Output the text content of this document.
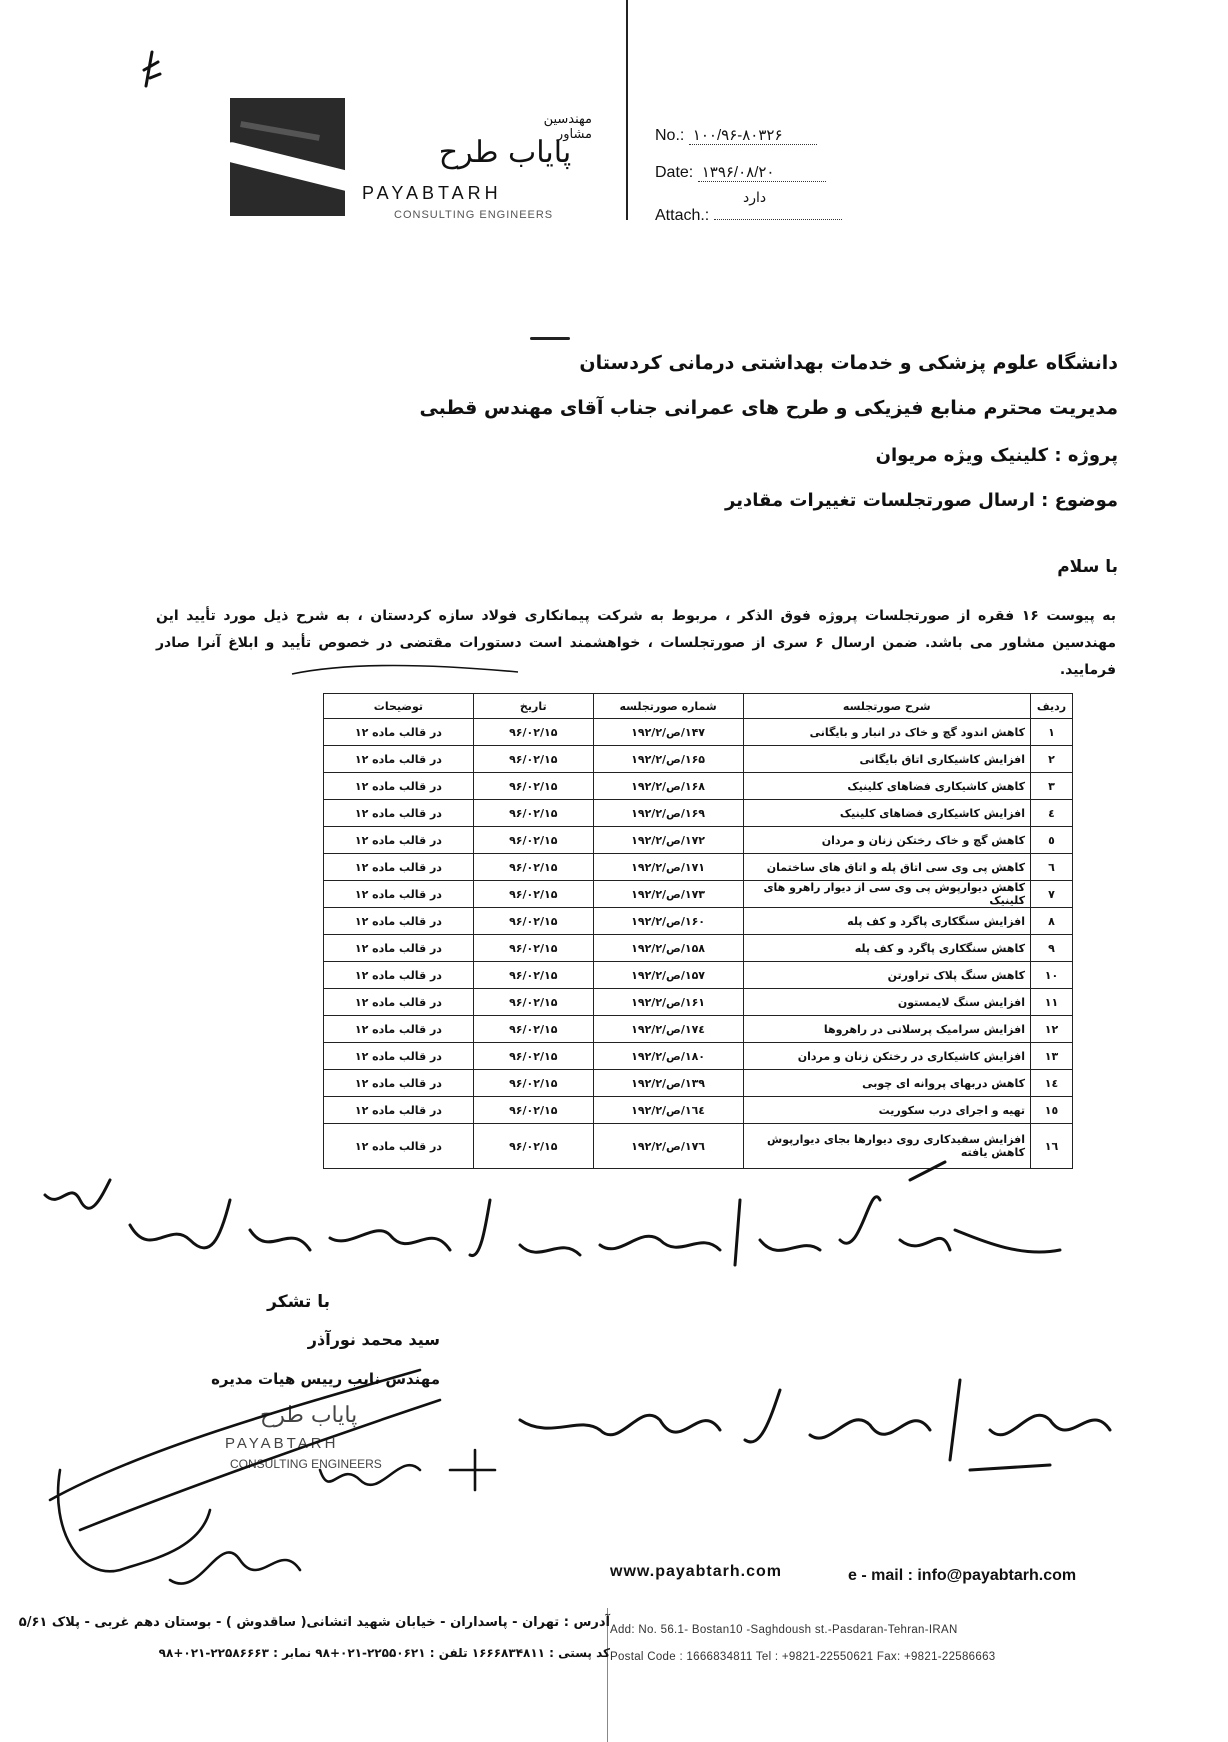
مهندسین مشاور
پایاب طرح
PAYABTARH
CONSULTING ENGINEERS
No.: ۱۰۰/۹۶-۸۰۳۲۶
Date: ۱۳۹۶/۰۸/۲۰
Attach.:
دارد
دانشگاه علوم پزشکی و خدمات بهداشتی درمانی کردستان
مدیریت محترم منابع فیزیکی و طرح های عمرانی جناب آقای مهندس قطبی
پروژه : کلینیک ویژه مریوان
موضوع : ارسال صورتجلسات تغییرات مقادیر
با سلام
به پیوست ۱۶ فقره از صورتجلسات پروژه فوق الذکر ، مربوط به شرکت پیمانکاری فولاد سازه کردستان ، به شرح ذیل مورد تأیید این مهندسین مشاور می باشد. ضمن ارسال ۶ سری از صورتجلسات ، خواهشمند است دستورات مقتضی در خصوص تأیید و ابلاغ آنرا صادر فرمایید.
ردیف	شرح صورتجلسه	شماره صورتجلسه	تاریخ	توضیحات
۱	کاهش اندود گچ و خاک در انبار و بایگانی	۱۴۷/ص/۱۹۲/۲	۹۶/۰۲/۱۵	در قالب ماده ۱۲
۲	افزایش کاشیکاری اتاق بایگانی	۱۶۵/ص/۱۹۲/۲	۹۶/۰۲/۱۵	در قالب ماده ۱۲
۳	کاهش کاشیکاری فضاهای کلینیک	۱۶۸/ص/۱۹۲/۲	۹۶/۰۲/۱۵	در قالب ماده ۱۲
٤	افزایش کاشیکاری فضاهای کلینیک	۱۶۹/ص/۱۹۲/۲	۹۶/۰۲/۱۵	در قالب ماده ۱۲
٥	کاهش گچ و خاک رختکن زنان و مردان	۱۷۲/ص/۱۹۲/۲	۹۶/۰۲/۱۵	در قالب ماده ۱۲
٦	کاهش پی وی سی اتاق پله و اتاق های ساختمان	۱۷۱/ص/۱۹۲/۲	۹۶/۰۲/۱۵	در قالب ماده ۱۲
۷	کاهش دیوارپوش پی وی سی از دیوار راهرو های کلینیک	۱۷۳/ص/۱۹۲/۲	۹۶/۰۲/۱۵	در قالب ماده ۱۲
۸	افزایش سنگکاری پاگرد و کف پله	۱۶۰/ص/۱۹۲/۲	۹۶/۰۲/۱۵	در قالب ماده ۱۲
۹	کاهش سنگکاری پاگرد و کف پله	۱۵۸/ص/۱۹۲/۲	۹۶/۰۲/۱۵	در قالب ماده ۱۲
۱۰	کاهش سنگ پلاک تراورتن	۱۵۷/ص/۱۹۲/۲	۹۶/۰۲/۱۵	در قالب ماده ۱۲
۱۱	افزایش سنگ لایمستون	۱۶۱/ص/۱۹۲/۲	۹۶/۰۲/۱۵	در قالب ماده ۱۲
۱۲	افزایش سرامیک پرسلانی در راهروها	۱۷٤/ص/۱۹۲/۲	۹۶/۰۲/۱۵	در قالب ماده ۱۲
۱۳	افزایش کاشیکاری در رختکن زنان و مردان	۱۸۰/ص/۱۹۲/۲	۹۶/۰۲/۱۵	در قالب ماده ۱۲
۱٤	کاهش دربهای پروانه ای چوبی	۱۳۹/ص/۱۹۲/۲	۹۶/۰۲/۱۵	در قالب ماده ۱۲
۱٥	تهیه و اجرای درب سکوریت	۱٦٤/ص/۱۹۲/۲	۹۶/۰۲/۱۵	در قالب ماده ۱۲
۱٦	افزایش سفیدکاری روی دیوارها بجای دیوارپوش کاهش یافته	۱۷٦/ص/۱۹۲/۲	۹۶/۰۲/۱۵	در قالب ماده ۱۲
با تشکر
سید محمد نورآذر
مهندس نایب رییس هیات مدیره
پایاب طرح
PAYABTARH
CONSULTING ENGINEERS
www.payabtarh.com	e - mail : info@payabtarh.com
آدرس : تهران - پاسداران - خیابان شهید اتشانی( ساقدوش ) - بوستان دهم غربی - پلاک ۵/۶۱
کد پستی : ۱۶۶۶۸۳۴۸۱۱ تلفن : ۲۲۵۵۰۶۲۱-۰۲۱+۹۸ نمابر : ۲۲۵۸۶۶۶۳-۰۲۱+۹۸
Add: No. 56.1- Bostan10 -Saghdoush st.-Pasdaran-Tehran-IRAN
Postal Code : 1666834811 Tel : +9821-22550621 Fax: +9821-22586663
